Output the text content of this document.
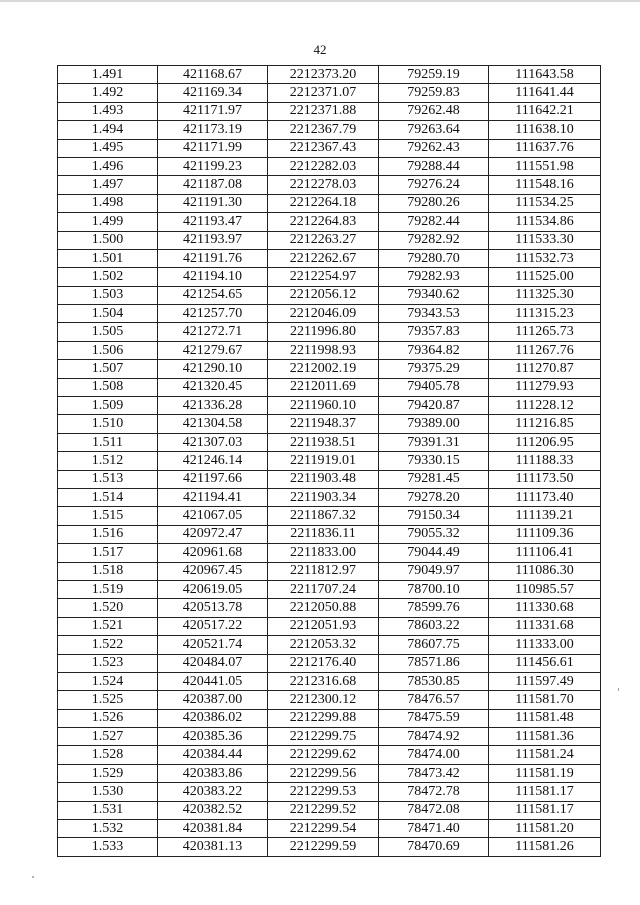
42
1.491	421168.67	2212373.20	79259.19	111643.58
1.492	421169.34	2212371.07	79259.83	111641.44
1.493	421171.97	2212371.88	79262.48	111642.21
1.494	421173.19	2212367.79	79263.64	111638.10
1.495	421171.99	2212367.43	79262.43	111637.76
1.496	421199.23	2212282.03	79288.44	111551.98
1.497	421187.08	2212278.03	79276.24	111548.16
1.498	421191.30	2212264.18	79280.26	111534.25
1.499	421193.47	2212264.83	79282.44	111534.86
1.500	421193.97	2212263.27	79282.92	111533.30
1.501	421191.76	2212262.67	79280.70	111532.73
1.502	421194.10	2212254.97	79282.93	111525.00
1.503	421254.65	2212056.12	79340.62	111325.30
1.504	421257.70	2212046.09	79343.53	111315.23
1.505	421272.71	2211996.80	79357.83	111265.73
1.506	421279.67	2211998.93	79364.82	111267.76
1.507	421290.10	2212002.19	79375.29	111270.87
1.508	421320.45	2212011.69	79405.78	111279.93
1.509	421336.28	2211960.10	79420.87	111228.12
1.510	421304.58	2211948.37	79389.00	111216.85
1.511	421307.03	2211938.51	79391.31	111206.95
1.512	421246.14	2211919.01	79330.15	111188.33
1.513	421197.66	2211903.48	79281.45	111173.50
1.514	421194.41	2211903.34	79278.20	111173.40
1.515	421067.05	2211867.32	79150.34	111139.21
1.516	420972.47	2211836.11	79055.32	111109.36
1.517	420961.68	2211833.00	79044.49	111106.41
1.518	420967.45	2211812.97	79049.97	111086.30
1.519	420619.05	2211707.24	78700.10	110985.57
1.520	420513.78	2212050.88	78599.76	111330.68
1.521	420517.22	2212051.93	78603.22	111331.68
1.522	420521.74	2212053.32	78607.75	111333.00
1.523	420484.07	2212176.40	78571.86	111456.61
1.524	420441.05	2212316.68	78530.85	111597.49
1.525	420387.00	2212300.12	78476.57	111581.70
1.526	420386.02	2212299.88	78475.59	111581.48
1.527	420385.36	2212299.75	78474.92	111581.36
1.528	420384.44	2212299.62	78474.00	111581.24
1.529	420383.86	2212299.56	78473.42	111581.19
1.530	420383.22	2212299.53	78472.78	111581.17
1.531	420382.52	2212299.52	78472.08	111581.17
1.532	420381.84	2212299.54	78471.40	111581.20
1.533	420381.13	2212299.59	78470.69	111581.26
